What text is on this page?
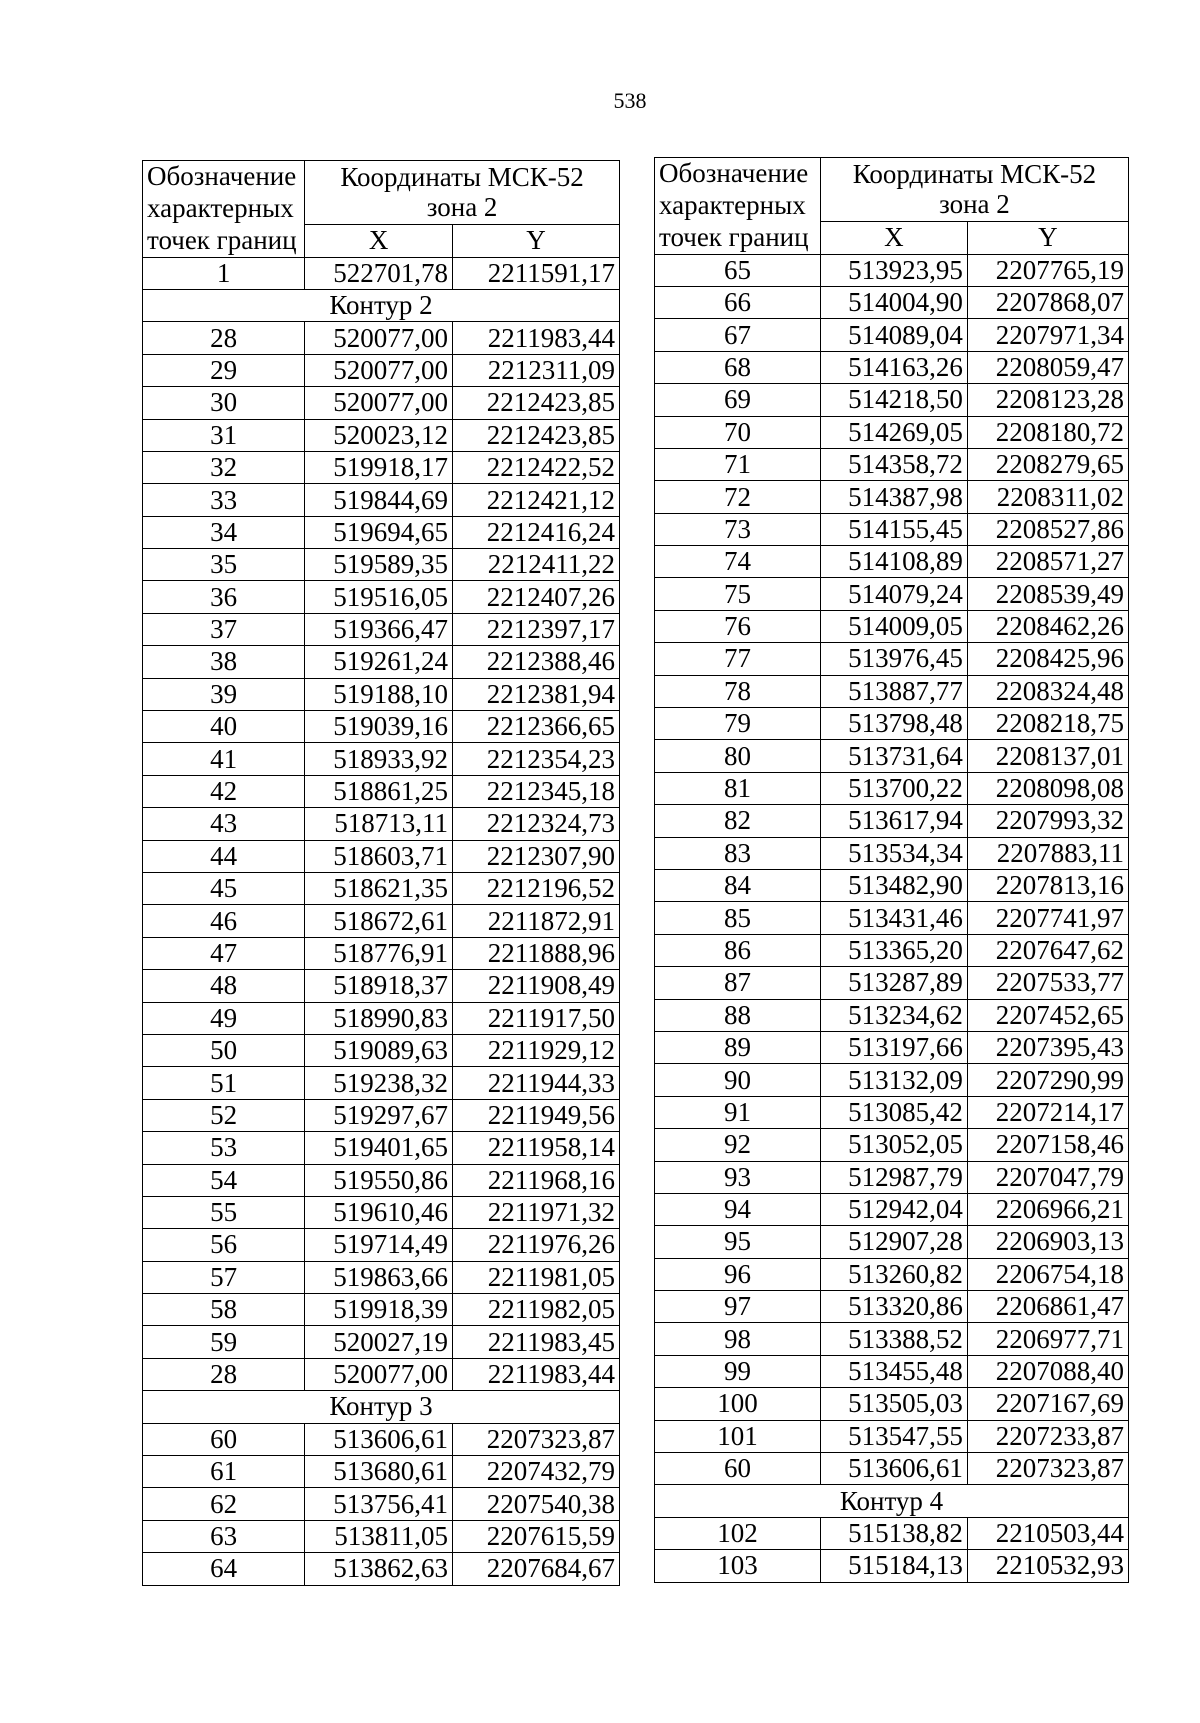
538
Обозначение
характерных
точек границ	Координаты МСК-52
зона 2	
	X	Y
1	522701,78	2211591,17
Контур 2		
28	520077,00	2211983,44
29	520077,00	2212311,09
30	520077,00	2212423,85
31	520023,12	2212423,85
32	519918,17	2212422,52
33	519844,69	2212421,12
34	519694,65	2212416,24
35	519589,35	2212411,22
36	519516,05	2212407,26
37	519366,47	2212397,17
38	519261,24	2212388,46
39	519188,10	2212381,94
40	519039,16	2212366,65
41	518933,92	2212354,23
42	518861,25	2212345,18
43	518713,11	2212324,73
44	518603,71	2212307,90
45	518621,35	2212196,52
46	518672,61	2211872,91
47	518776,91	2211888,96
48	518918,37	2211908,49
49	518990,83	2211917,50
50	519089,63	2211929,12
51	519238,32	2211944,33
52	519297,67	2211949,56
53	519401,65	2211958,14
54	519550,86	2211968,16
55	519610,46	2211971,32
56	519714,49	2211976,26
57	519863,66	2211981,05
58	519918,39	2211982,05
59	520027,19	2211983,45
28	520077,00	2211983,44
Контур 3		
60	513606,61	2207323,87
61	513680,61	2207432,79
62	513756,41	2207540,38
63	513811,05	2207615,59
64	513862,63	2207684,67
Обозначение
характерных
точек границ	Координаты МСК-52
зона 2	
	X	Y
65	513923,95	2207765,19
66	514004,90	2207868,07
67	514089,04	2207971,34
68	514163,26	2208059,47
69	514218,50	2208123,28
70	514269,05	2208180,72
71	514358,72	2208279,65
72	514387,98	2208311,02
73	514155,45	2208527,86
74	514108,89	2208571,27
75	514079,24	2208539,49
76	514009,05	2208462,26
77	513976,45	2208425,96
78	513887,77	2208324,48
79	513798,48	2208218,75
80	513731,64	2208137,01
81	513700,22	2208098,08
82	513617,94	2207993,32
83	513534,34	2207883,11
84	513482,90	2207813,16
85	513431,46	2207741,97
86	513365,20	2207647,62
87	513287,89	2207533,77
88	513234,62	2207452,65
89	513197,66	2207395,43
90	513132,09	2207290,99
91	513085,42	2207214,17
92	513052,05	2207158,46
93	512987,79	2207047,79
94	512942,04	2206966,21
95	512907,28	2206903,13
96	513260,82	2206754,18
97	513320,86	2206861,47
98	513388,52	2206977,71
99	513455,48	2207088,40
100	513505,03	2207167,69
101	513547,55	2207233,87
60	513606,61	2207323,87
Контур 4		
102	515138,82	2210503,44
103	515184,13	2210532,93
